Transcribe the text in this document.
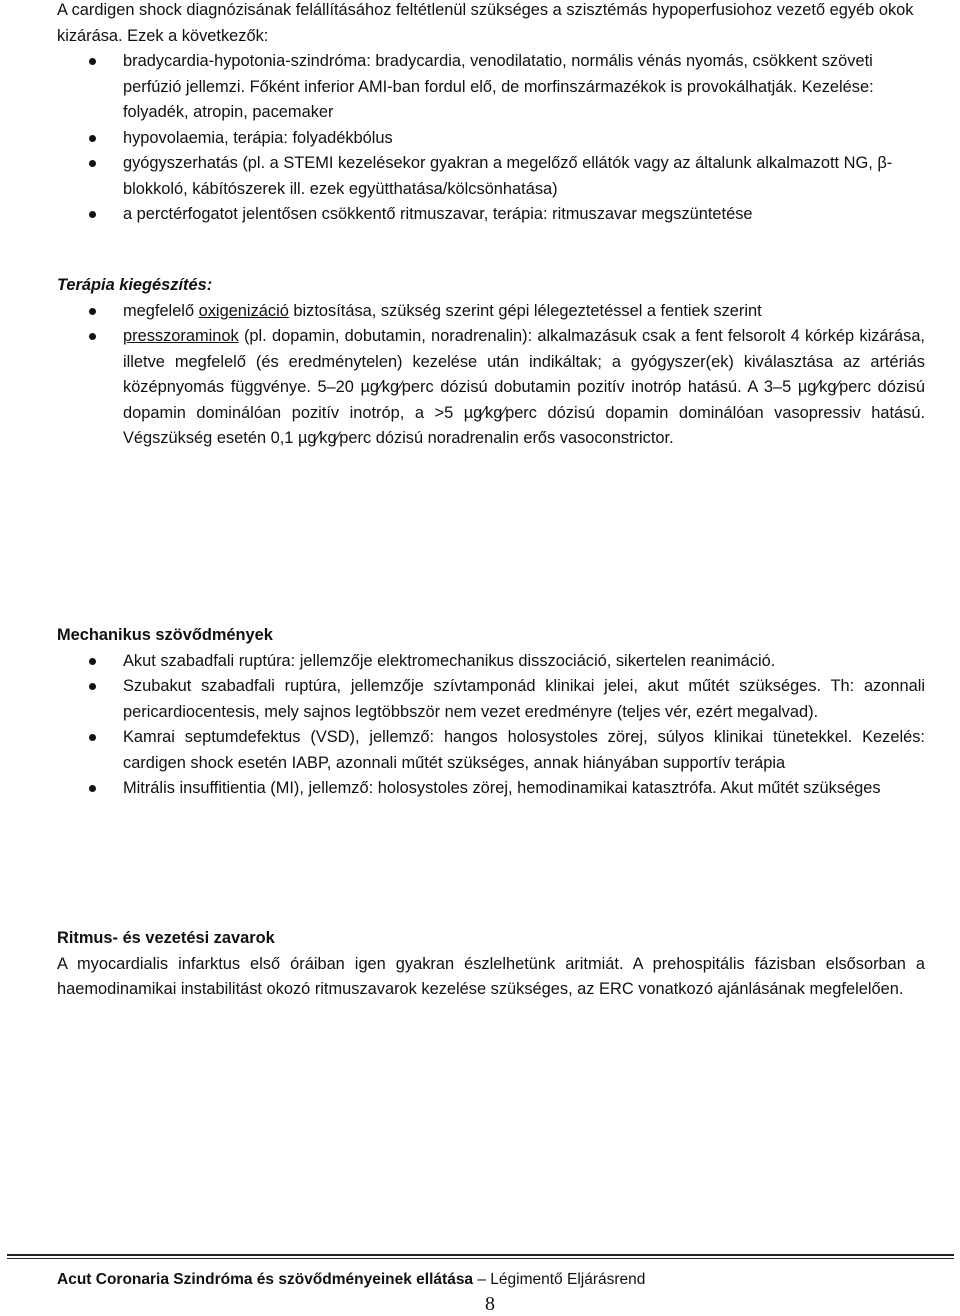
A cardigen shock diagnózisának felállításához feltétlenül szükséges a szisztémás hypoperfusiohoz vezető egyéb okok kizárása. Ezek a következők:

bradycardia-hypotonia-szindróma: bradycardia, venodilatatio, normális vénás nyomás, csökkent szöveti perfúzió jellemzi. Főként inferior AMI-ban fordul elő, de morfinszármazékok is provokálhatják. Kezelése: folyadék, atropin, pacemaker
hypovolaemia, terápia: folyadékbólus
gyógyszerhatás (pl. a STEMI kezelésekor gyakran a megelőző ellátók vagy az általunk alkalmazott NG, β-blokkoló, kábítószerek ill. ezek együtthatása/kölcsönhatása)
a perctérfogatot jelentősen csökkentő ritmuszavar, terápia: ritmuszavar megszüntetése

Terápia kiegészítés:

megfelelő oxigenizáció biztosítása, szükség szerint gépi lélegeztetéssel a fentiek szerint
presszoraminok (pl. dopamin, dobutamin, noradrenalin): alkalmazásuk csak a fent felsorolt 4 kórkép kizárása, illetve megfelelő (és eredménytelen) kezelése után indikáltak; a gyógyszer(ek) kiválasztása az artériás középnyomás függvénye. 5–20 µg⁄kg⁄perc dózisú dobutamin pozitív inotróp hatású. A 3–5 µg⁄kg⁄perc dózisú dopamin dominálóan pozitív inotróp, a >5 µg⁄kg⁄perc dózisú dopamin dominálóan vasopressiv hatású. Végszükség esetén 0,1 µg⁄kg⁄perc dózisú noradrenalin erős vasoconstrictor.

Mechanikus szövődmények

Akut szabadfali ruptúra: jellemzője elektromechanikus disszociáció, sikertelen reanimáció.
Szubakut szabadfali ruptúra, jellemzője szívtamponád klinikai jelei, akut műtét szükséges. Th: azonnali pericardiocentesis, mely sajnos legtöbbször nem vezet eredményre (teljes vér, ezért megalvad).
Kamrai septumdefektus (VSD), jellemző: hangos holosystoles zörej, súlyos klinikai tünetekkel. Kezelés: cardigen shock esetén IABP, azonnali műtét szükséges, annak hiányában supportív terápia
Mitrális insuffitientia (MI), jellemző: holosystoles zörej, hemodinamikai katasztrófa. Akut műtét szükséges

Ritmus- és vezetési zavarok

A myocardialis infarktus első óráiban igen gyakran észlelhetünk aritmiát. A prehospitális fázisban elsősorban a haemodinamikai instabilitást okozó ritmuszavarok kezelése szükséges, az ERC vonatkozó ajánlásának megfelelően.

Acut Coronaria Szindróma és szövődményeinek ellátása – Légimentő Eljárásrend
8
